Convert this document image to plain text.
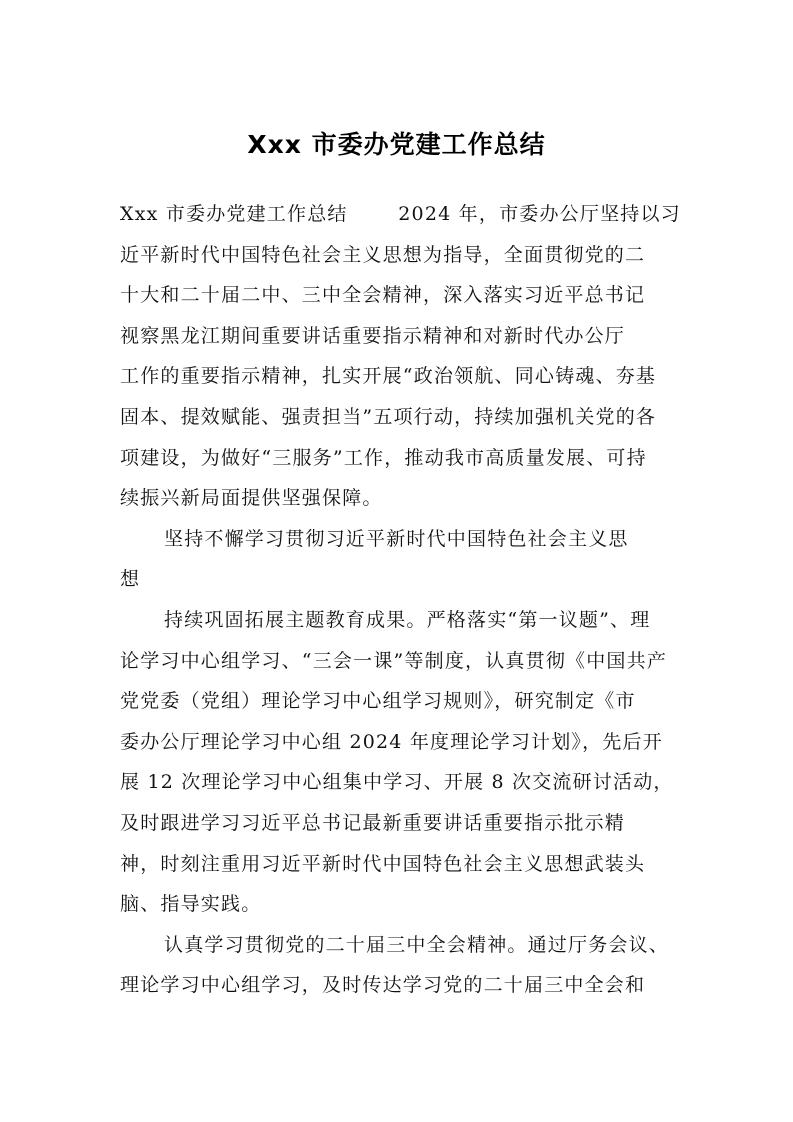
Xxx 市委办党建工作总结
Xxx 市委办党建工作总结       2024 年，市委办公厅坚持以习
近平新时代中国特色社会主义思想为指导，全面贯彻党的二
十大和二十届二中、三中全会精神，深入落实习近平总书记
视察黑龙江期间重要讲话重要指示精神和对新时代办公厅
工作的重要指示精神，扎实开展“政治领航、同心铸魂、夯基
固本、提效赋能、强责担当”五项行动，持续加强机关党的各
项建设，为做好“三服务”工作，推动我市高质量发展、可持
续振兴新局面提供坚强保障。
坚持不懈学习贯彻习近平新时代中国特色社会主义思
想
持续巩固拓展主题教育成果。严格落实“第一议题”、理
论学习中心组学习、“三会一课”等制度，认真贯彻《中国共产
党党委（党组）理论学习中心组学习规则》，研究制定《市
委办公厅理论学习中心组 2024 年度理论学习计划》，先后开
展 12 次理论学习中心组集中学习、开展 8 次交流研讨活动，
及时跟进学习习近平总书记最新重要讲话重要指示批示精
神，时刻注重用习近平新时代中国特色社会主义思想武装头
脑、指导实践。
认真学习贯彻党的二十届三中全会精神。通过厅务会议、
理论学习中心组学习，及时传达学习党的二十届三中全会和
